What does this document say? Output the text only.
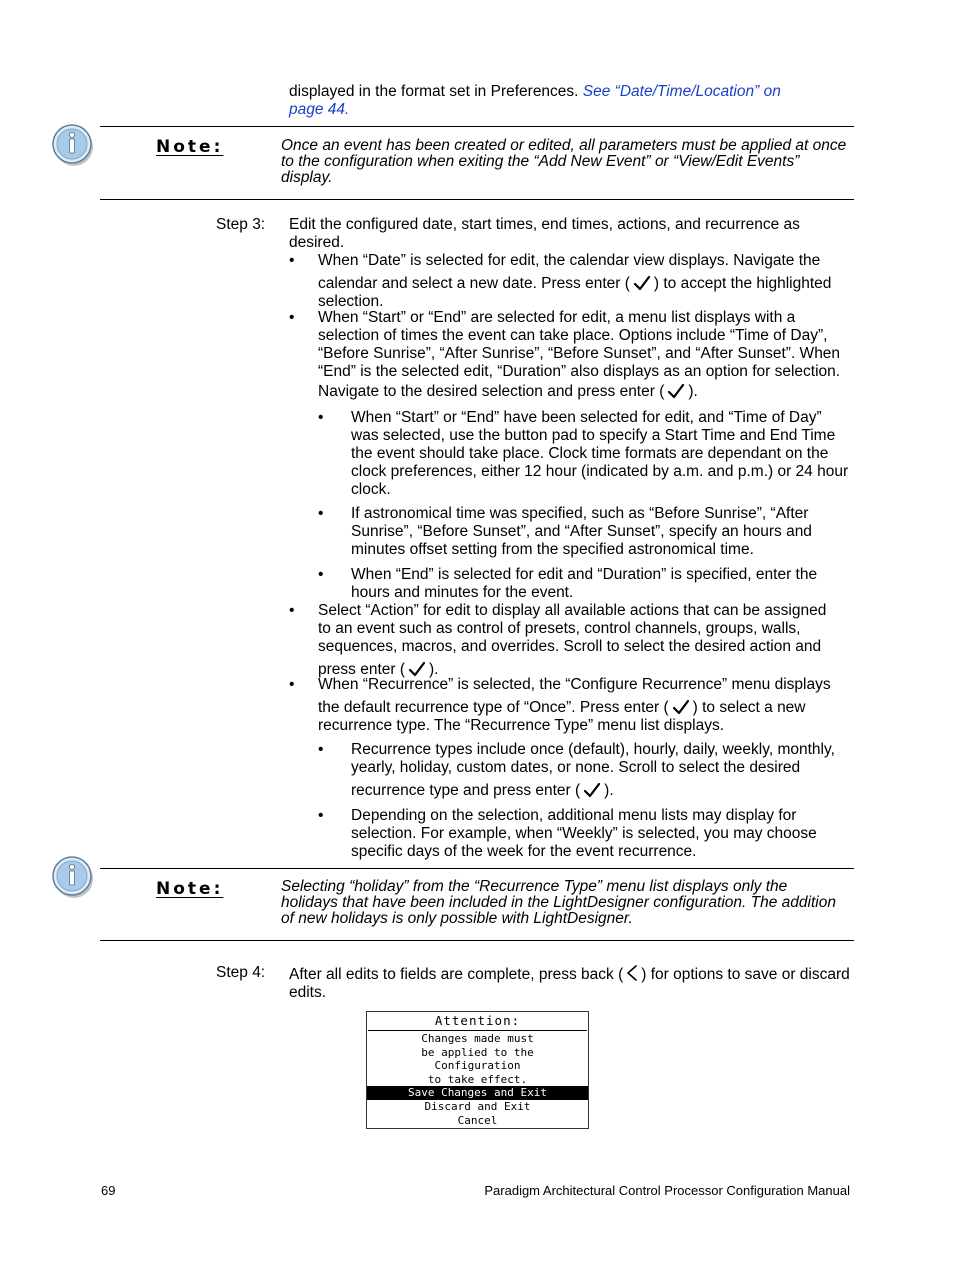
displayed in the format set in Preferences. See “Date/Time/Location” on
page 44.
Note:	Once an event has been created or edited, all parameters must be applied at once
to the configuration when exiting the “Add New Event” or “View/Edit Events”
display.
Step 3: Edit the configured date, start times, end times, actions, and recurrence as
desired.
• When “Date” is selected for edit, the calendar view displays. Navigate the
calendar and select a new date. Press enter ( ) to accept the highlighted
selection.
• When “Start” or “End” are selected for edit, a menu list displays with a
selection of times the event can take place. Options include “Time of Day”,
“Before Sunrise”, “After Sunrise”, “Before Sunset”, and “After Sunset”. When
“End” is the selected edit, “Duration” also displays as an option for selection.
Navigate to the desired selection and press enter ( ).
• When “Start” or “End” have been selected for edit, and “Time of Day”
was selected, use the button pad to specify a Start Time and End Time
the event should take place. Clock time formats are dependant on the
clock preferences, either 12 hour (indicated by a.m. and p.m.) or 24 hour
clock.
• If astronomical time was specified, such as “Before Sunrise”, “After
Sunrise”, “Before Sunset”, and “After Sunset”, specify an hours and
minutes offset setting from the specified astronomical time.
• When “End” is selected for edit and “Duration” is specified, enter the
hours and minutes for the event.
• Select “Action” for edit to display all available actions that can be assigned
to an event such as control of presets, control channels, groups, walls,
sequences, macros, and overrides. Scroll to select the desired action and
press enter ( ).
• When “Recurrence” is selected, the “Configure Recurrence” menu displays
the default recurrence type of “Once”. Press enter ( ) to select a new
recurrence type. The “Recurrence Type” menu list displays.
• Recurrence types include once (default), hourly, daily, weekly, monthly,
yearly, holiday, custom dates, or none. Scroll to select the desired
recurrence type and press enter ( ).
• Depending on the selection, additional menu lists may display for
selection. For example, when “Weekly” is selected, you may choose
specific days of the week for the event recurrence.
Note:	Selecting “holiday” from the “Recurrence Type” menu list displays only the
holidays that have been included in the LightDesigner configuration. The addition
of new holidays is only possible with LightDesigner.
Step 4: After all edits to fields are complete, press back ( ) for options to save or discard
edits.
Attention:
Changes made must
be applied to the
Configuration
to take effect.
Save Changes and Exit
Discard and Exit
Cancel
69	Paradigm Architectural Control Processor Configuration Manual
